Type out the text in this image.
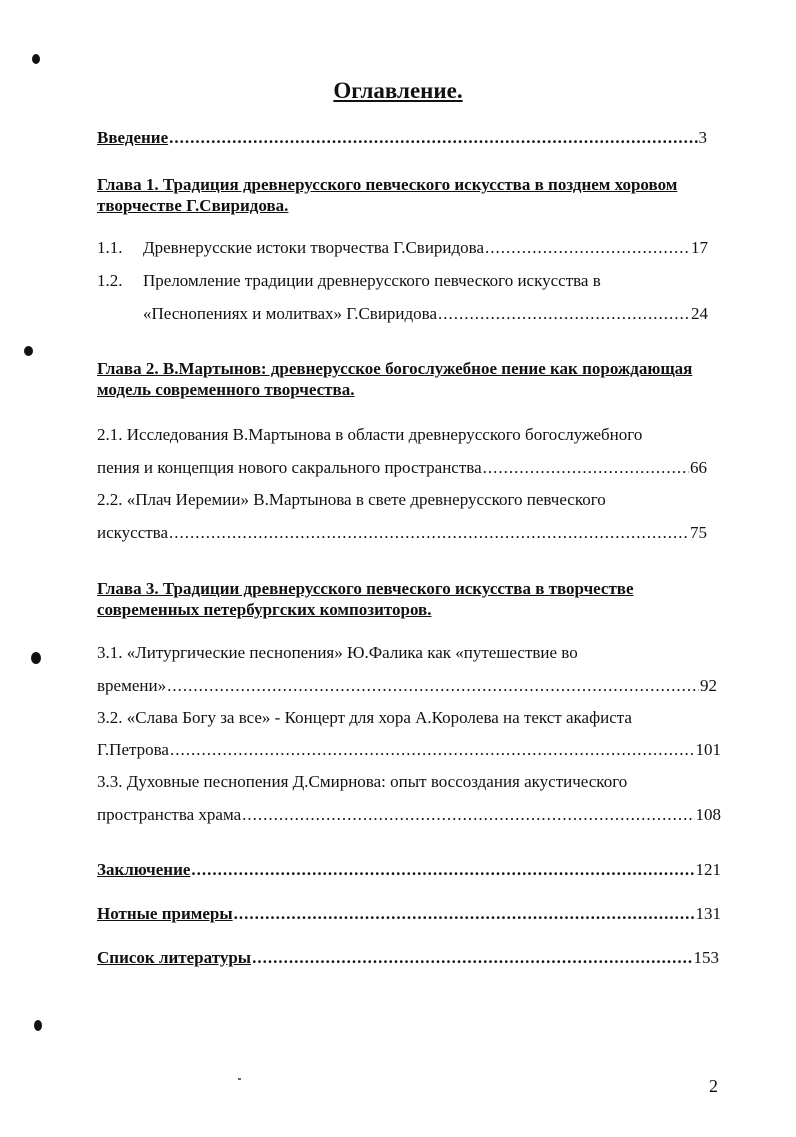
Оглавление.
Введение .....	3
Глава 1. Традиция древнерусского певческого искусства в позднем хоровом творчестве Г.Свиридова.
1.1. Древнерусские истоки творчества Г.Свиридова .....	17
1.2. Преломление традиции древнерусского певческого искусства в
«Песнопениях и молитвах» Г.Свиридова .....	24
Глава 2. В.Мартынов: древнерусское богослужебное пение как порождающая модель современного творчества.
2.1. Исследования В.Мартынова в области древнерусского богослужебного
пения и концепция нового сакрального пространства .....	66
2.2. «Плач Иеремии» В.Мартынова в свете древнерусского певческого
искусства .....	75
Глава 3. Традиции древнерусского певческого искусства в творчестве современных петербургских композиторов.
3.1. «Литургические песнопения» Ю.Фалика как «путешествие во
времени» .....	92
3.2. «Слава Богу за все» - Концерт для хора А.Королева на текст акафиста
Г.Петрова .....	101
3.3. Духовные песнопения Д.Смирнова: опыт воссоздания акустического
пространства храма .....	108
Заключение .....	121
Нотные примеры .....	131
Список литературы .....	153
2
